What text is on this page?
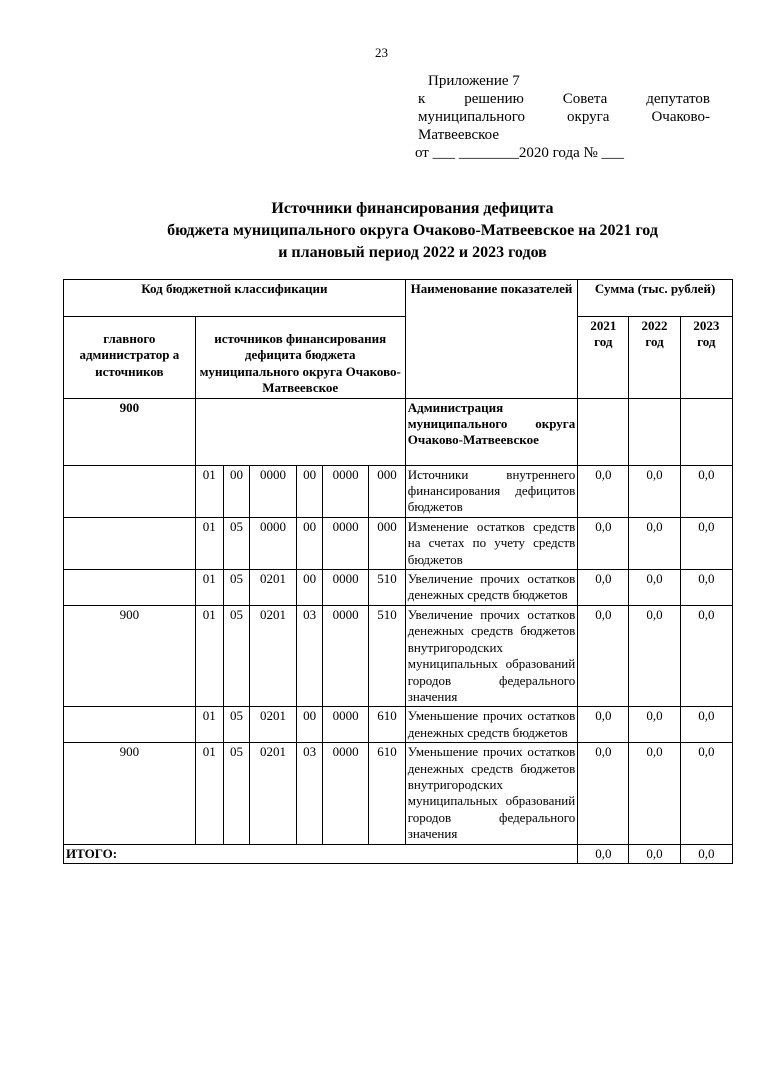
23
Приложение 7
к решению Совета депутатов
муниципального округа Очаково-
Матвеевское
от ___ ________2020 года № ___
Источники финансирования дефицита
бюджета муниципального округа Очаково-Матвеевское на 2021 год
и плановый период 2022 и 2023 годов
Код бюджетной классификации							Наименование показателей	Сумма (тыс. рублей)		
главного администратор а источников	источников финансирования дефицита бюджета муниципального округа Очаково-Матвеевское							2021 год	2022 год	2023 год

900							Администрация муниципального округа Очаково-Матвеевское			
	01	00	0000	00	0000	000	Источники внутреннего финансирования дефицитов бюджетов	0,0	0,0	0,0
	01	05	0000	00	0000	000	Изменение остатков средств на счетах по учету средств бюджетов	0,0	0,0	0,0
	01	05	0201	00	0000	510	Увеличение прочих остатков денежных средств бюджетов	0,0	0,0	0,0
900	01	05	0201	03	0000	510	Увеличение прочих остатков денежных средств бюджетов внутригородских муниципальных образований городов федерального значения	0,0	0,0	0,0
	01	05	0201	00	0000	610	Уменьшение прочих остатков денежных средств бюджетов	0,0	0,0	0,0
900	01	05	0201	03	0000	610	Уменьшение прочих остатков денежных средств бюджетов внутригородских муниципальных образований городов федерального значения	0,0	0,0	0,0
ИТОГО:								0,0	0,0	0,0
